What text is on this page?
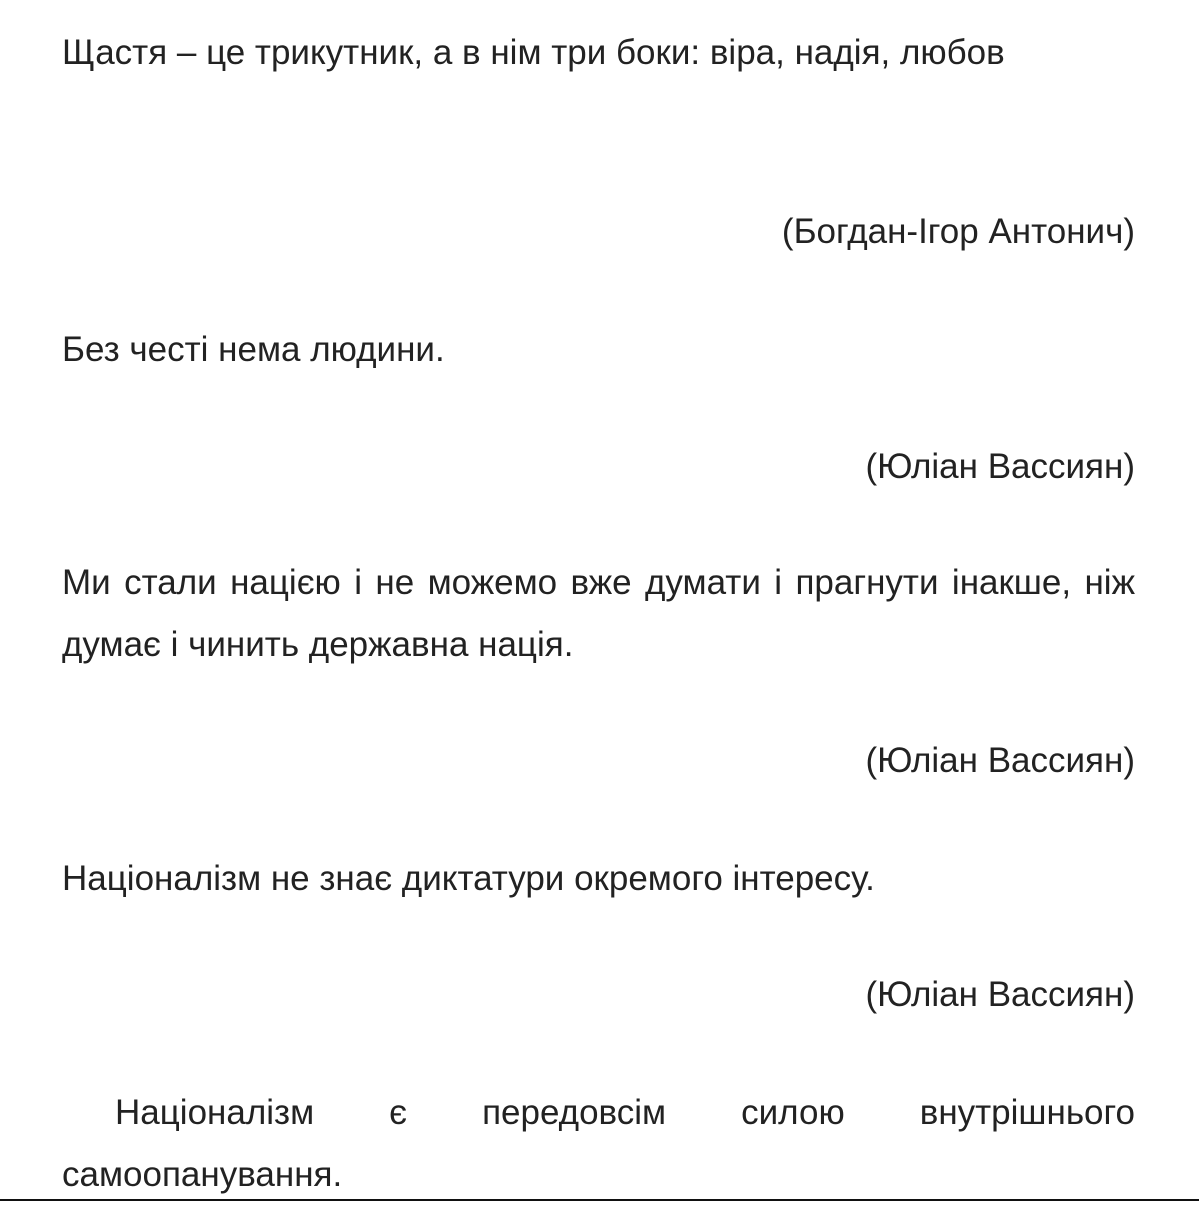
Щастя – це трикутник, а в нім три боки: віра, надія, любов

(Богдан-Ігор Антонич)

Без честі нема людини.

(Юліан Вассиян)

Ми стали нацією і не можемо вже думати і прагнути інакше, ніж думає і чинить державна нація.

(Юліан Вассиян)

Націоналізм не знає диктатури окремого інтересу.

(Юліан Вассиян)

Націоналізм є передовсім силою внутрішнього самоопанування.
